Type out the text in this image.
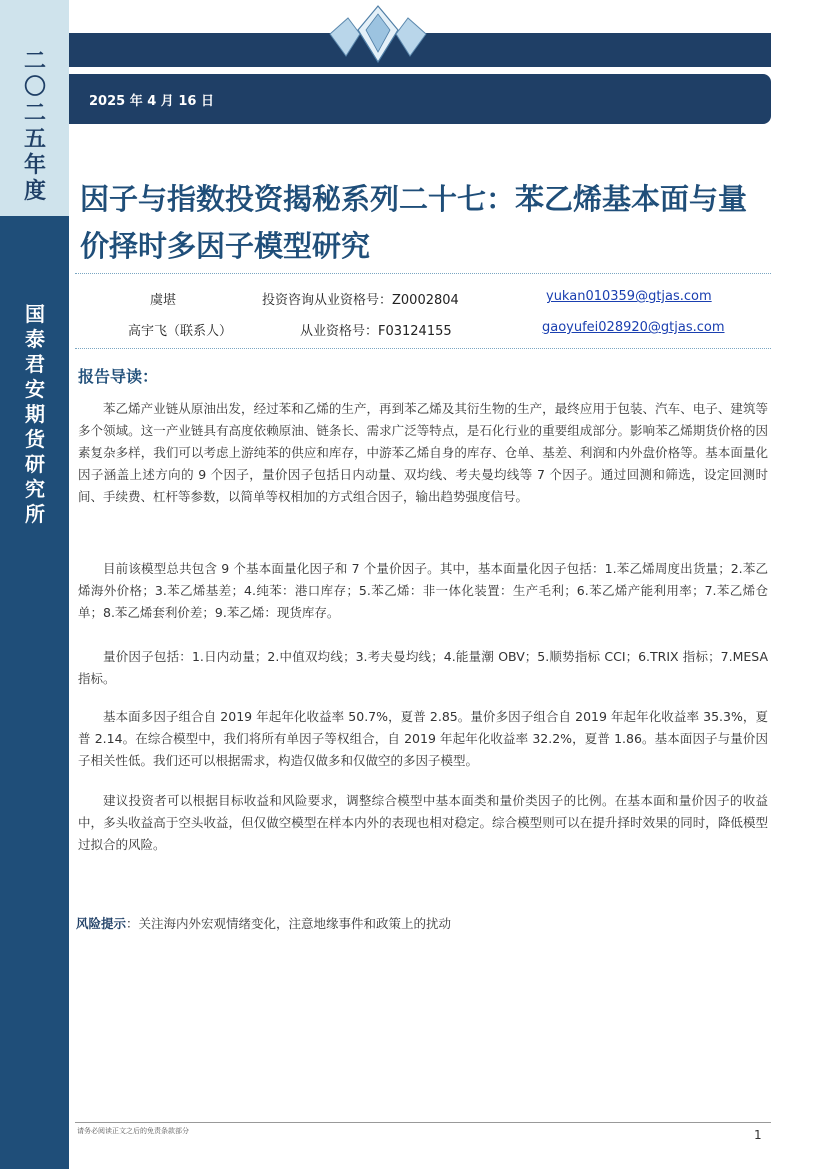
二〇二五年度
国泰君安期货研究所
2025 年 4 月 16 日
因子与指数投资揭秘系列二十七：苯乙烯基本面与量价择时多因子模型研究
虞堪	投资咨询从业资格号：Z0002804	yukan010359@gtjas.com
高宇飞（联系人）	从业资格号：F03124155	gaoyufei028920@gtjas.com
报告导读：

苯乙烯产业链从原油出发，经过苯和乙烯的生产，再到苯乙烯及其衍生物的生产，最终应用于包装、汽车、电子、建筑等多个领域。这一产业链具有高度依赖原油、链条长、需求广泛等特点，是石化行业的重要组成部分。影响苯乙烯期货价格的因素复杂多样，我们可以考虑上游纯苯的供应和库存，中游苯乙烯自身的库存、仓单、基差、利润和内外盘价格等。基本面量化因子涵盖上述方向的 9 个因子，量价因子包括日内动量、双均线、考夫曼均线等 7 个因子。通过回测和筛选，设定回测时间、手续费、杠杆等参数，以简单等权相加的方式组合因子，输出趋势强度信号。

目前该模型总共包含 9 个基本面量化因子和 7 个量价因子。其中，基本面量化因子包括：1.苯乙烯周度出货量；2.苯乙烯海外价格；3.苯乙烯基差；4.纯苯：港口库存；5.苯乙烯：非一体化装置：生产毛利；6.苯乙烯产能利用率；7.苯乙烯仓单；8.苯乙烯套利价差；9.苯乙烯：现货库存。

量价因子包括：1.日内动量；2.中值双均线；3.考夫曼均线；4.能量潮 OBV；5.顺势指标 CCI；6.TRIX 指标；7.MESA 指标。

基本面多因子组合自 2019 年起年化收益率 50.7%，夏普 2.85。量价多因子组合自 2019 年起年化收益率 35.3%，夏普 2.14。在综合模型中，我们将所有单因子等权组合，自 2019 年起年化收益率 32.2%，夏普 1.86。基本面因子与量价因子相关性低。我们还可以根据需求，构造仅做多和仅做空的多因子模型。

建议投资者可以根据目标收益和风险要求，调整综合模型中基本面类和量价类因子的比例。在基本面和量价因子的收益中，多头收益高于空头收益，但仅做空模型在样本内外的表现也相对稳定。综合模型则可以在提升择时效果的同时，降低模型过拟合的风险。

风险提示：关注海内外宏观情绪变化，注意地缘事件和政策上的扰动
请务必阅读正文之后的免责条款部分	1
